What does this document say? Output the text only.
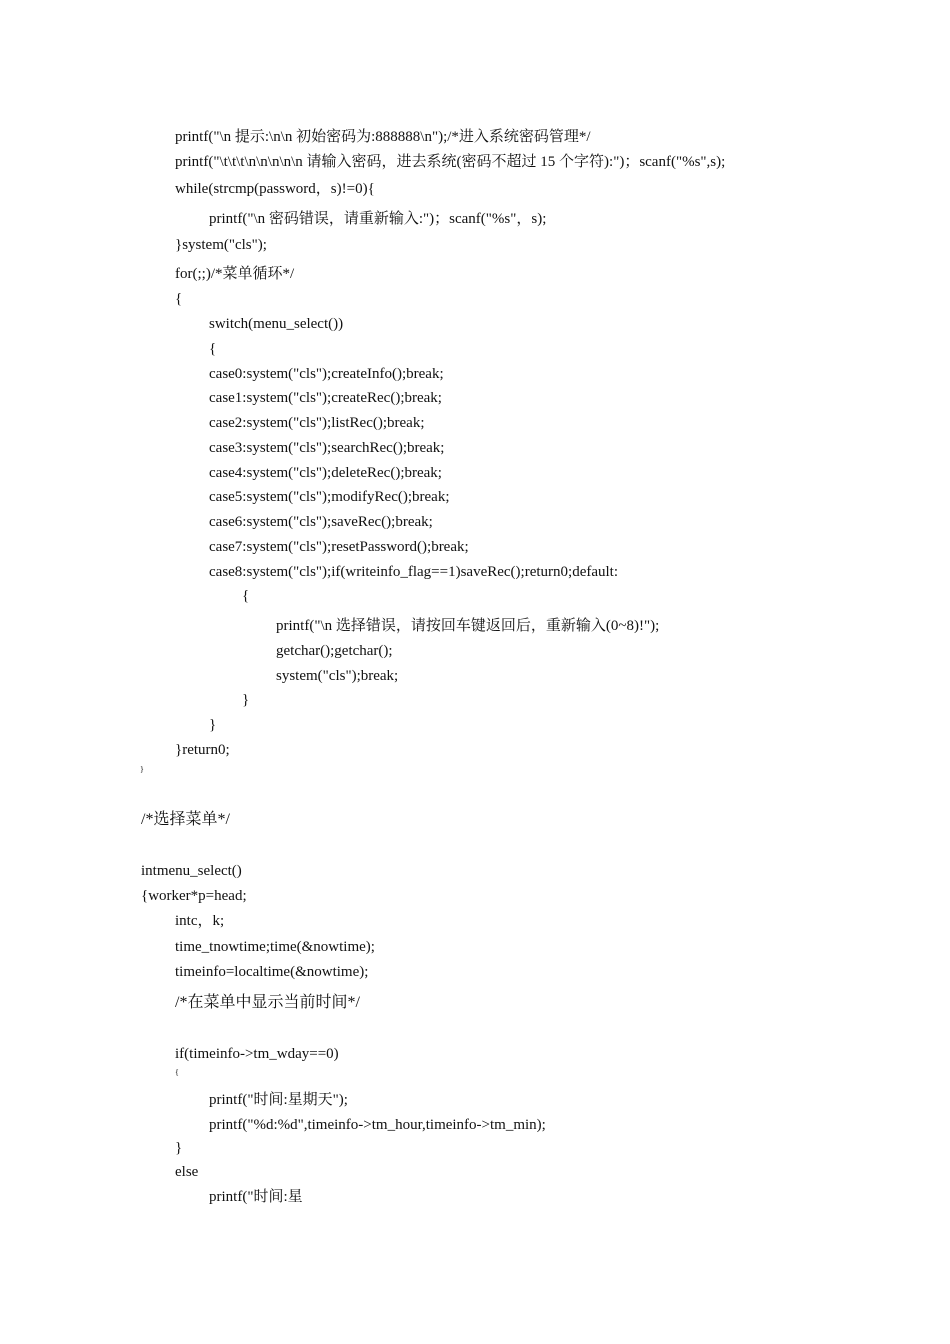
printf("\n 提示:\n\n 初始密码为:888888\n");/*进入系统密码管理*/
printf("\t\t\t\n\n\n\n\n 请输入密码，进去系统(密码不超过 15 个字符):")；scanf("%s",s);
while(strcmp(password，s)!=0){
printf("\n 密码错误，请重新输入:")；scanf("%s"，s);
}system("cls");
for(;;)/*菜单循环*/
{
switch(menu_select())
{
case0:system("cls");createInfo();break;
case1:system("cls");createRec();break;
case2:system("cls");listRec();break;
case3:system("cls");searchRec();break;
case4:system("cls");deleteRec();break;
case5:system("cls");modifyRec();break;
case6:system("cls");saveRec();break;
case7:system("cls");resetPassword();break;
case8:system("cls");if(writeinfo_flag==1)saveRec();return0;default:
{
printf("\n 选择错误，请按回车键返回后，重新输入(0~8)!");
getchar();getchar();
system("cls");break;
}
}
}return0;
}
/*选择菜单*/
intmenu_select()
{worker*p=head;
intc，k;
time_tnowtime;time(&nowtime);
timeinfo=localtime(&nowtime);
/*在菜单中显示当前时间*/
if(timeinfo->tm_wday==0)
{
printf("时间:星期天");
printf("%d:%d",timeinfo->tm_hour,timeinfo->tm_min);
}
else
printf("时间:星
